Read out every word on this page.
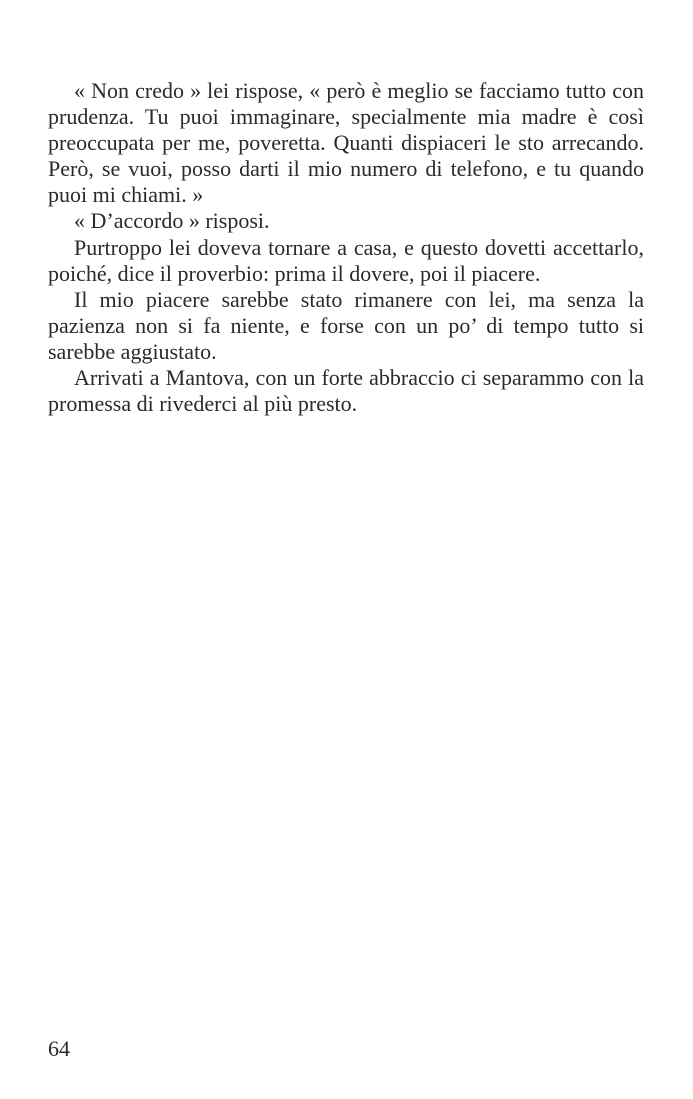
« Non credo » lei rispose, « però è meglio se facciamo tutto con prudenza. Tu puoi immaginare, specialmente mia madre è così preoccupata per me, poveretta. Quanti dispiaceri le sto arrecando. Però, se vuoi, posso darti il mio numero di telefono, e tu quando puoi mi chiami. »

« D’accordo » risposi.

Purtroppo lei doveva tornare a casa, e questo dovetti accettarlo, poiché, dice il proverbio: prima il dovere, poi il piacere.

Il mio piacere sarebbe stato rimanere con lei, ma senza la pazienza non si fa niente, e forse con un po’ di tempo tutto si sarebbe aggiustato.

Arrivati a Mantova, con un forte abbraccio ci separammo con la promessa di rivederci al più presto.

64
